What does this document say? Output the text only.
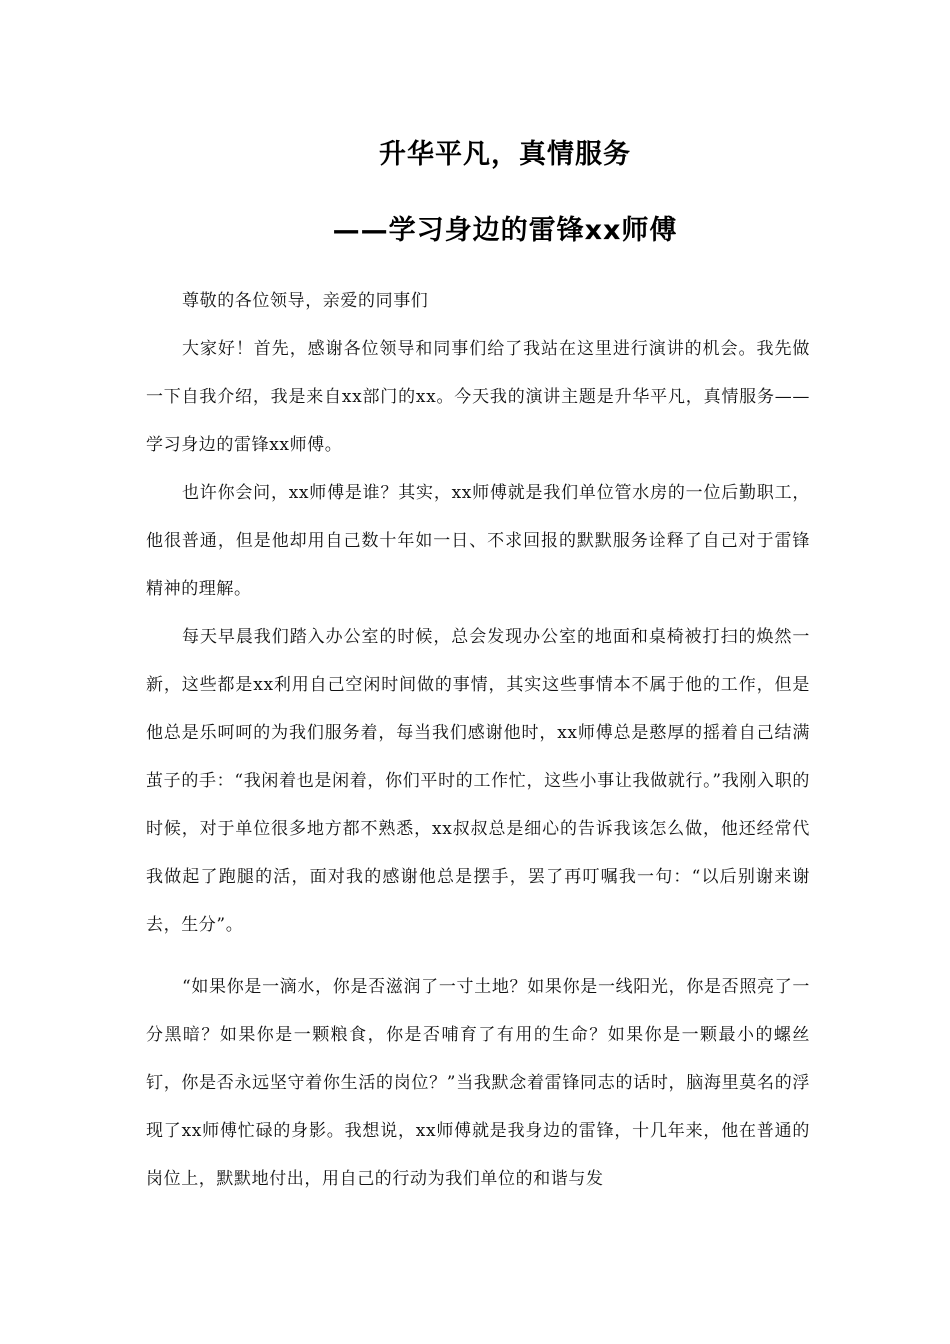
升华平凡，真情服务
——学习身边的雷锋xx师傅

尊敬的各位领导，亲爱的同事们

大家好！首先，感谢各位领导和同事们给了我站在这里进行演讲的机会。我先做一下自我介绍，我是来自xx部门的xx。今天我的演讲主题是升华平凡，真情服务——学习身边的雷锋xx师傅。

也许你会问，xx师傅是谁？其实，xx师傅就是我们单位管水房的一位后勤职工，他很普通，但是他却用自己数十年如一日、不求回报的默默服务诠释了自己对于雷锋精神的理解。

每天早晨我们踏入办公室的时候，总会发现办公室的地面和桌椅被打扫的焕然一新，这些都是xx利用自己空闲时间做的事情，其实这些事情本不属于他的工作，但是他总是乐呵呵的为我们服务着，每当我们感谢他时，xx师傅总是憨厚的摇着自己结满茧子的手：“我闲着也是闲着，你们平时的工作忙，这些小事让我做就行。”我刚入职的时候，对于单位很多地方都不熟悉，xx叔叔总是细心的告诉我该怎么做，他还经常代我做起了跑腿的活，面对我的感谢他总是摆手，罢了再叮嘱我一句：“以后别谢来谢去，生分”。

“如果你是一滴水，你是否滋润了一寸土地？如果你是一线阳光，你是否照亮了一分黑暗？如果你是一颗粮食，你是否哺育了有用的生命？如果你是一颗最小的螺丝钉，你是否永远坚守着你生活的岗位？”当我默念着雷锋同志的话时，脑海里莫名的浮现了xx师傅忙碌的身影。我想说，xx师傅就是我身边的雷锋，十几年来，他在普通的岗位上，默默地付出，用自己的行动为我们单位的和谐与发
